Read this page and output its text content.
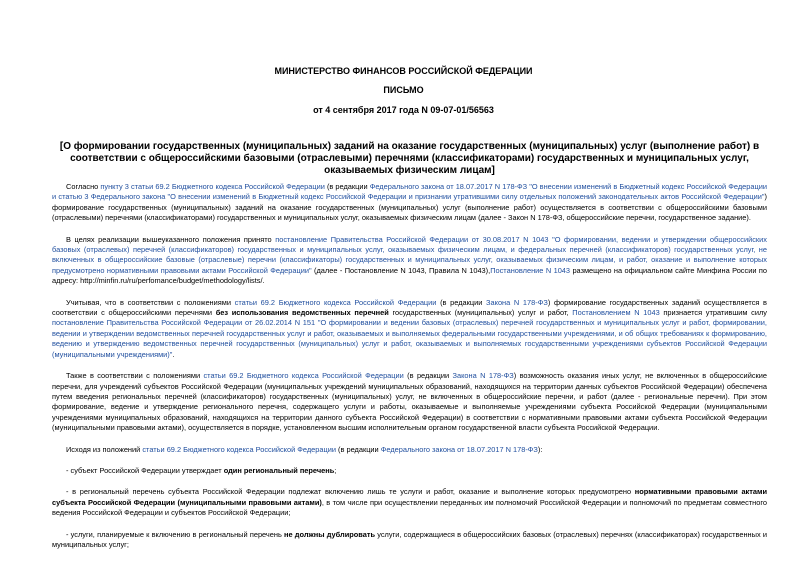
МИНИСТЕРСТВО ФИНАНСОВ РОССИЙСКОЙ ФЕДЕРАЦИИ
ПИСЬМО
от 4 сентября 2017 года N 09-07-01/56563
[О формировании государственных (муниципальных) заданий на оказание государственных (муниципальных) услуг (выполнение работ) в соответствии с общероссийскими базовыми (отраслевыми) перечнями (классификаторами) государственных и муниципальных услуг, оказываемых физическим лицам]

Согласно пункту 3 статьи 69.2 Бюджетного кодекса Российской Федерации (в редакции Федерального закона от 18.07.2017 N 178-ФЗ "О внесении изменений в Бюджетный кодекс Российской Федерации и статью 3 Федерального закона "О внесении изменений в Бюджетный кодекс Российской Федерации и признании утратившими силу отдельных положений законодательных актов Российской Федерации") формирование государственных (муниципальных) заданий на оказание государственных (муниципальных) услуг (выполнение работ) осуществляется в соответствии с общероссийскими базовыми (отраслевыми) перечнями (классификаторами) государственных и муниципальных услуг, оказываемых физическим лицам (далее - Закон N 178-ФЗ, общероссийские перечни, государственное задание).

В целях реализации вышеуказанного положения принято постановление Правительства Российской Федерации от 30.08.2017 N 1043 "О формировании, ведении и утверждении общероссийских базовых (отраслевых) перечней (классификаторов) государственных и муниципальных услуг, оказываемых физическим лицам, и федеральных перечней (классификаторов) государственных услуг, не включенных в общероссийские базовые (отраслевые) перечни (классификаторы) государственных и муниципальных услуг, оказываемых физическим лицам, и работ, оказание и выполнение которых предусмотрено нормативными правовыми актами Российской Федерации" (далее - Постановление N 1043, Правила N 1043),Постановление N 1043 размещено на официальном сайте Минфина России по адресу: http://minfin.ru/ru/perfomance/budget/methodology/lists/.

Учитывая, что в соответствии с положениями статьи 69.2 Бюджетного кодекса Российской Федерации (в редакции Закона N 178-ФЗ) формирование государственных заданий осуществляется в соответствии с общероссийскими перечнями без использования ведомственных перечней государственных (муниципальных) услуг и работ, Постановлением N 1043 признается утратившим силу постановление Правительства Российской Федерации от 26.02.2014 N 151 "О формировании и ведении базовых (отраслевых) перечней государственных и муниципальных услуг и работ, формировании, ведении и утверждении ведомственных перечней государственных услуг и работ, оказываемых и выполняемых федеральными государственными учреждениями, и об общих требованиях к формированию, ведению и утверждению ведомственных перечней государственных (муниципальных) услуг и работ, оказываемых и выполняемых государственными учреждениями субъектов Российской Федерации (муниципальными учреждениями)".

Также в соответствии с положениями статьи 69.2 Бюджетного кодекса Российской Федерации (в редакции Закона N 178-ФЗ) возможность оказания иных услуг, не включенных в общероссийские перечни, для учреждений субъектов Российской Федерации (муниципальных учреждений муниципальных образований, находящихся на территории данных субъектов Российской Федерации) обеспечена путем введения региональных перечней (классификаторов) государственных (муниципальных) услуг, не включенных в общероссийские перечни, и работ (далее - региональные перечни). При этом формирование, ведение и утверждение регионального перечня, содержащего услуги и работы, оказываемые и выполняемые учреждениями субъекта Российской Федерации (муниципальными учреждениями муниципальных образований, находящихся на территории данного субъекта Российской Федерации) в соответствии с нормативными правовыми актами субъекта Российской Федерации (муниципальными правовыми актами), осуществляется в порядке, установленном высшим исполнительным органом государственной власти субъекта Российской Федерации.

Исходя из положений статьи 69.2 Бюджетного кодекса Российской Федерации (в редакции Федерального закона от 18.07.2017 N 178-ФЗ):

- субъект Российской Федерации утверждает один региональный перечень;

- в региональный перечень субъекта Российской Федерации подлежат включению лишь те услуги и работ, оказание и выполнение которых предусмотрено нормативными правовыми актами субъекта Российской Федерации (муниципальными правовыми актами), в том числе при осуществлении переданных им полномочий Российской Федерации и полномочий по предметам совместного ведения Российской Федерации и субъектов Российской Федерации;

- услуги, планируемые к включению в региональный перечень не должны дублировать услуги, содержащиеся в общероссийских базовых (отраслевых) перечнях (классификаторах) государственных и муниципальных услуг;
